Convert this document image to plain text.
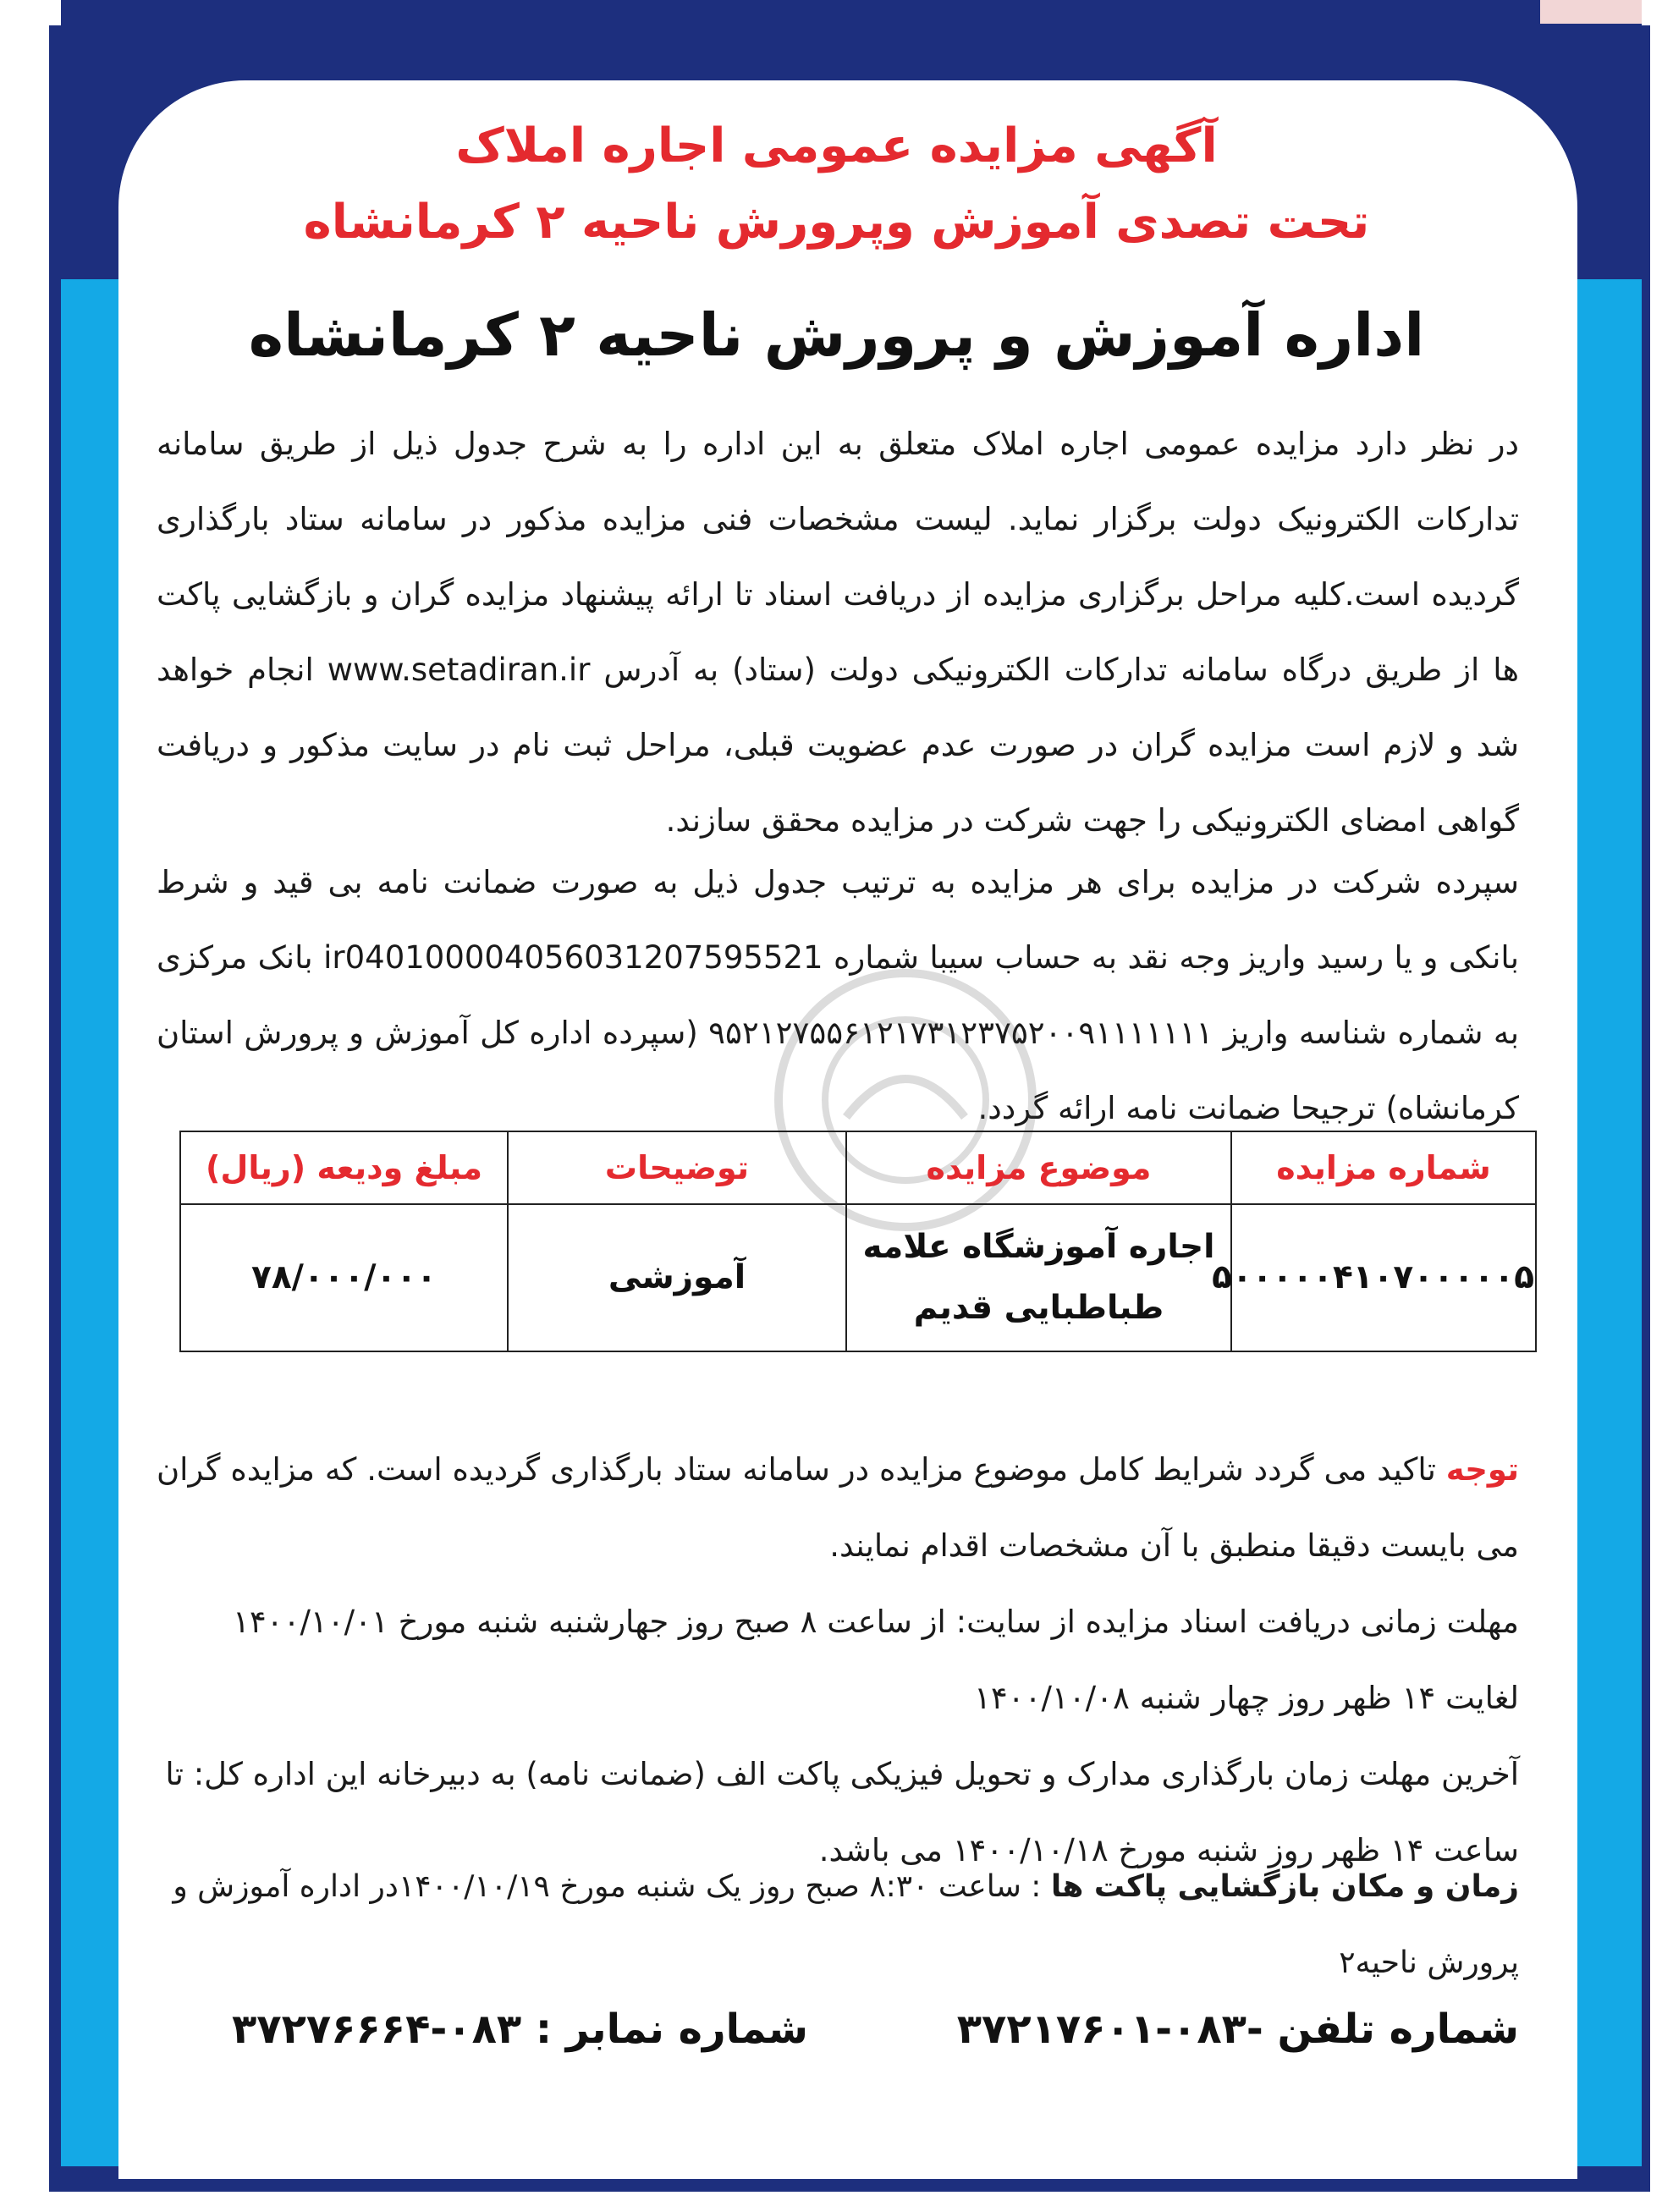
آگهی مزایده عمومی اجاره املاک
تحت تصدی آموزش وپرورش ناحیه ۲ کرمانشاه
اداره آموزش و پرورش ناحیه ۲ کرمانشاه
در نظر دارد مزایده عمومی اجاره املاک متعلق به این اداره را به شرح جدول ذیل از طریق سامانه تدارکات الکترونیک دولت برگزار نماید. لیست مشخصات فنی مزایده مذکور در سامانه ستاد بارگذاری گردیده است.کلیه مراحل برگزاری مزایده از دریافت اسناد تا ارائه پیشنهاد مزایده گران و بازگشایی پاکت ها از طریق درگاه سامانه تدارکات الکترونیکی دولت (ستاد) به آدرس www.setadiran.ir انجام خواهد شد و لازم است مزایده گران در صورت عدم عضویت قبلی، مراحل ثبت نام در سایت مذکور و دریافت گواهی امضای الکترونیکی را جهت شرکت در مزایده محقق سازند.
سپرده شرکت در مزایده برای هر مزایده به ترتیب جدول ذیل به صورت ضمانت نامه بی قید و شرط بانکی و یا رسید واریز وجه نقد به حساب سیبا شماره ir040100004056031207595521 بانک مرکزی به شماره شناسه واریز ۹۵۲۱۲۷۵۵۶۱۲۱۷۳۱۲۳۷۵۲۰۰۹۱۱۱۱۱۱۱ (سپرده اداره کل آموزش و پرورش استان کرمانشاه) ترجیحا ضمانت نامه ارائه گردد.
شماره مزایده	موضوع مزایده	توضیحات	مبلغ ودیعه (ریال)
۵۰۰۰۰۰۴۱۰۷۰۰۰۰۰۵	اجاره آموزشگاه علامه طباطبایی قدیم	آموزشی	۷۸/۰۰۰/۰۰۰
توجه تاکید می گردد شرایط کامل موضوع مزایده در سامانه ستاد بارگذاری گردیده است. که مزایده گران می بایست دقیقا منطبق با آن مشخصات اقدام نمایند.
مهلت زمانی دریافت اسناد مزایده از سایت: از ساعت ۸ صبح روز جهارشنبه شنبه مورخ ۱۴۰۰/۱۰/۰۱ لغایت ۱۴ ظهر روز چهار شنبه ۱۴۰۰/۱۰/۰۸
آخرین مهلت زمان بارگذاری مدارک و تحویل فیزیکی پاکت الف (ضمانت نامه) به دبیرخانه این اداره کل: تا ساعت ۱۴ ظهر روز شنبه مورخ ۱۴۰۰/۱۰/۱۸ می باشد.
زمان و مکان بازگشایی پاکت ها : ساعت ۸:۳۰ صبح روز یک شنبه مورخ ۱۴۰۰/۱۰/۱۹در اداره آموزش و پرورش ناحیه۲
شماره تلفن -۰۸۳-۳۷۲۱۷۶۰۱
شماره نمابر : ۰۸۳-۳۷۲۷۶۶۶۴
